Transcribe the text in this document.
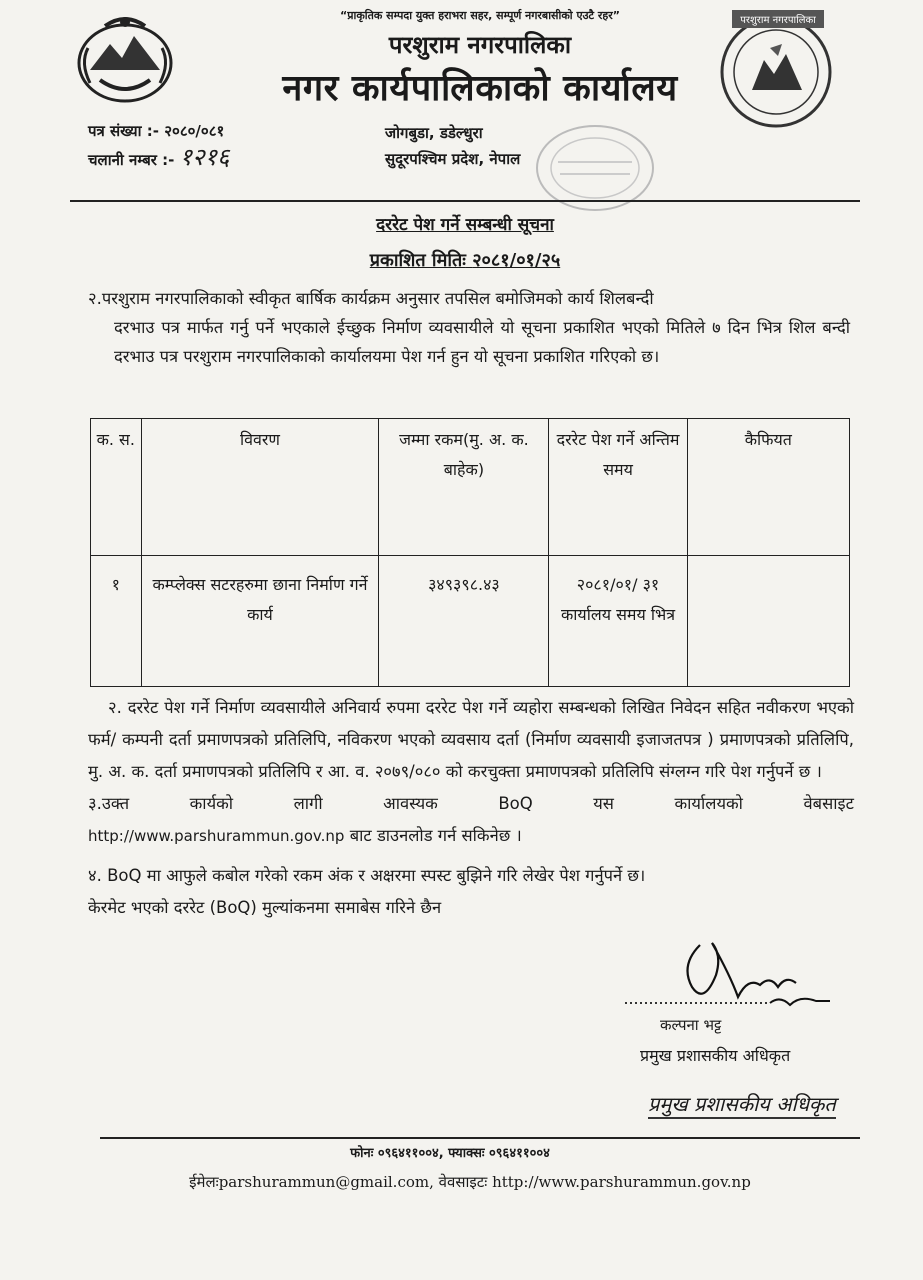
“प्राकृतिक सम्पदा युक्त हराभरा सहर, सम्पूर्ण नगरबासीको एउटै रहर”
परशुराम नगरपालिका
नगर कार्यपालिकाको कार्यालय
परशुराम नगरपालिका
पत्र संख्या :- २०८०/०८१
चलानी नम्बर :- १२१६
जोगबुडा, डडेल्धुरा
सुदूरपश्चिम प्रदेश, नेपाल
दररेट पेश गर्ने सम्बन्धी सूचना
प्रकाशित मितिः २०८१/०१/२५
२.परशुराम नगरपालिकाको स्वीकृत बार्षिक कार्यक्रम अनुसार तपसिल बमोजिमको कार्य शिलबन्दी
दरभाउ पत्र मार्फत गर्नु पर्ने भएकाले ईच्छुक निर्माण व्यवसायीले यो सूचना प्रकाशित भएको मितिले ७ दिन भित्र शिल बन्दी दरभाउ पत्र परशुराम नगरपालिकाको कार्यालयमा पेश गर्न हुन यो सूचना प्रकाशित गरिएको छ।
क. स.	विवरण	जम्मा रकम(मु. अ. क. बाहेक)	दररेट पेश गर्ने अन्तिम समय	कैफियत
१	कम्प्लेक्स सटरहरुमा छाना निर्माण गर्ने कार्य	३४९३९८.४३	२०८१/०१/ ३१ कार्यालय समय भित्र	

२. दररेट पेश गर्ने निर्माण व्यवसायीले अनिवार्य रुपमा दररेट पेश गर्ने व्यहोरा सम्बन्धको लिखित निवेदन सहित नवीकरण भएको फर्म/ कम्पनी दर्ता प्रमाणपत्रको प्रतिलिपि, नविकरण भएको व्यवसाय दर्ता (निर्माण व्यवसायी इजाजतपत्र ) प्रमाणपत्रको प्रतिलिपि, मु. अ. क. दर्ता प्रमाणपत्रको प्रतिलिपि र आ. व. २०७९/०८० को करचुक्ता प्रमाणपत्रको प्रतिलिपि संग्लग्न गरि पेश गर्नुपर्ने छ ।

३.उक्त	कार्यको	लागी	आवस्यक	BoQ	यस	कार्यालयको	वेबसाइट
http://www.parshurammun.gov.np बाट डाउनलोड गर्न सकिनेछ ।
४. BoQ मा आफुले कबोल गरेको रकम अंक र अक्षरमा स्पस्ट बुझिने गरि लेखेर पेश गर्नुपर्ने छ।
केरमेट भएको दररेट (BoQ) मुल्यांकनमा समाबेस गरिने छैन
कल्पना भट्ट
प्रमुख प्रशासकीय अधिकृत
प्रमुख प्रशासकीय अधिकृत
फोनः ०९६४११००४, फ्याक्सः ०९६४११००४
ईमेलःparshurammun@gmail.com, वेवसाइटः http://www.parshurammun.gov.np
